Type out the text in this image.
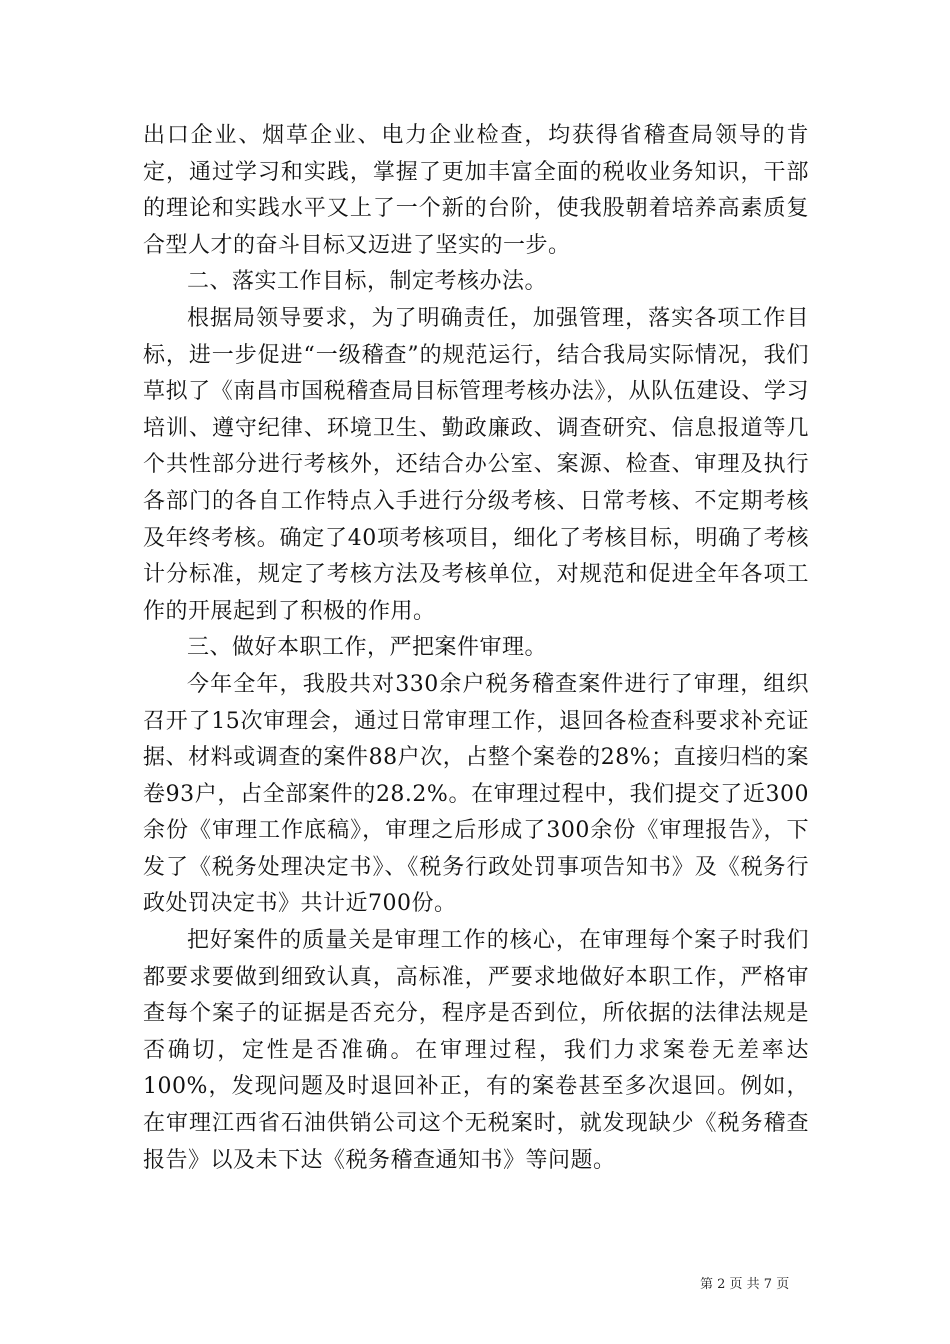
出口企业、烟草企业、电力企业检查，均获得省稽查局领导的肯定，通过学习和实践，掌握了更加丰富全面的税收业务知识，干部的理论和实践水平又上了一个新的台阶，使我股朝着培养高素质复合型人才的奋斗目标又迈进了坚实的一步。

二、落实工作目标，制定考核办法。

根据局领导要求，为了明确责任，加强管理，落实各项工作目标，进一步促进“一级稽查”的规范运行，结合我局实际情况，我们草拟了《南昌市国税稽查局目标管理考核办法》，从队伍建设、学习培训、遵守纪律、环境卫生、勤政廉政、调查研究、信息报道等几个共性部分进行考核外，还结合办公室、案源、检查、审理及执行各部门的各自工作特点入手进行分级考核、日常考核、不定期考核及年终考核。确定了40项考核项目，细化了考核目标，明确了考核计分标准，规定了考核方法及考核单位，对规范和促进全年各项工作的开展起到了积极的作用。

三、做好本职工作，严把案件审理。

今年全年，我股共对330余户税务稽查案件进行了审理，组织召开了15次审理会，通过日常审理工作，退回各检查科要求补充证据、材料或调查的案件88户次，占整个案卷的28%；直接归档的案卷93户，占全部案件的28.2%。在审理过程中，我们提交了近300余份《审理工作底稿》，审理之后形成了300余份《审理报告》，下发了《税务处理决定书》、《税务行政处罚事项告知书》及《税务行政处罚决定书》共计近700份。

把好案件的质量关是审理工作的核心，在审理每个案子时我们都要求要做到细致认真，高标准，严要求地做好本职工作，严格审查每个案子的证据是否充分，程序是否到位，所依据的法律法规是否确切，定性是否准确。在审理过程，我们力求案卷无差率达100%，发现问题及时退回补正，有的案卷甚至多次退回。例如，在审理江西省石油供销公司这个无税案时，就发现缺少《税务稽查报告》以及未下达《税务稽查通知书》等问题。

第 2 页 共 7 页
